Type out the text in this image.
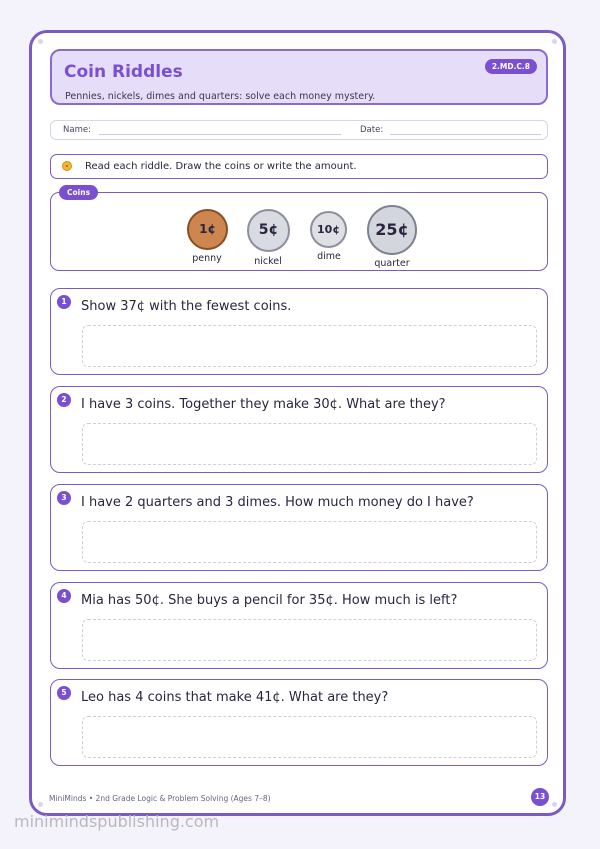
Coin Riddles
Pennies, nickels, dimes and quarters: solve each money mystery.
2.MD.C.8
Name:	Date:
Read each riddle. Draw the coins or write the amount.
Coins
1¢
penny
5¢
nickel
10¢
dime
25¢
quarter
1	Show 37¢ with the fewest coins.
2	I have 3 coins. Together they make 30¢. What are they?
3	I have 2 quarters and 3 dimes. How much money do I have?
4	Mia has 50¢. She buys a pencil for 35¢. How much is left?
5	Leo has 4 coins that make 41¢. What are they?
MiniMinds • 2nd Grade Logic & Problem Solving (Ages 7–8)	13
minimindspublishing.com
